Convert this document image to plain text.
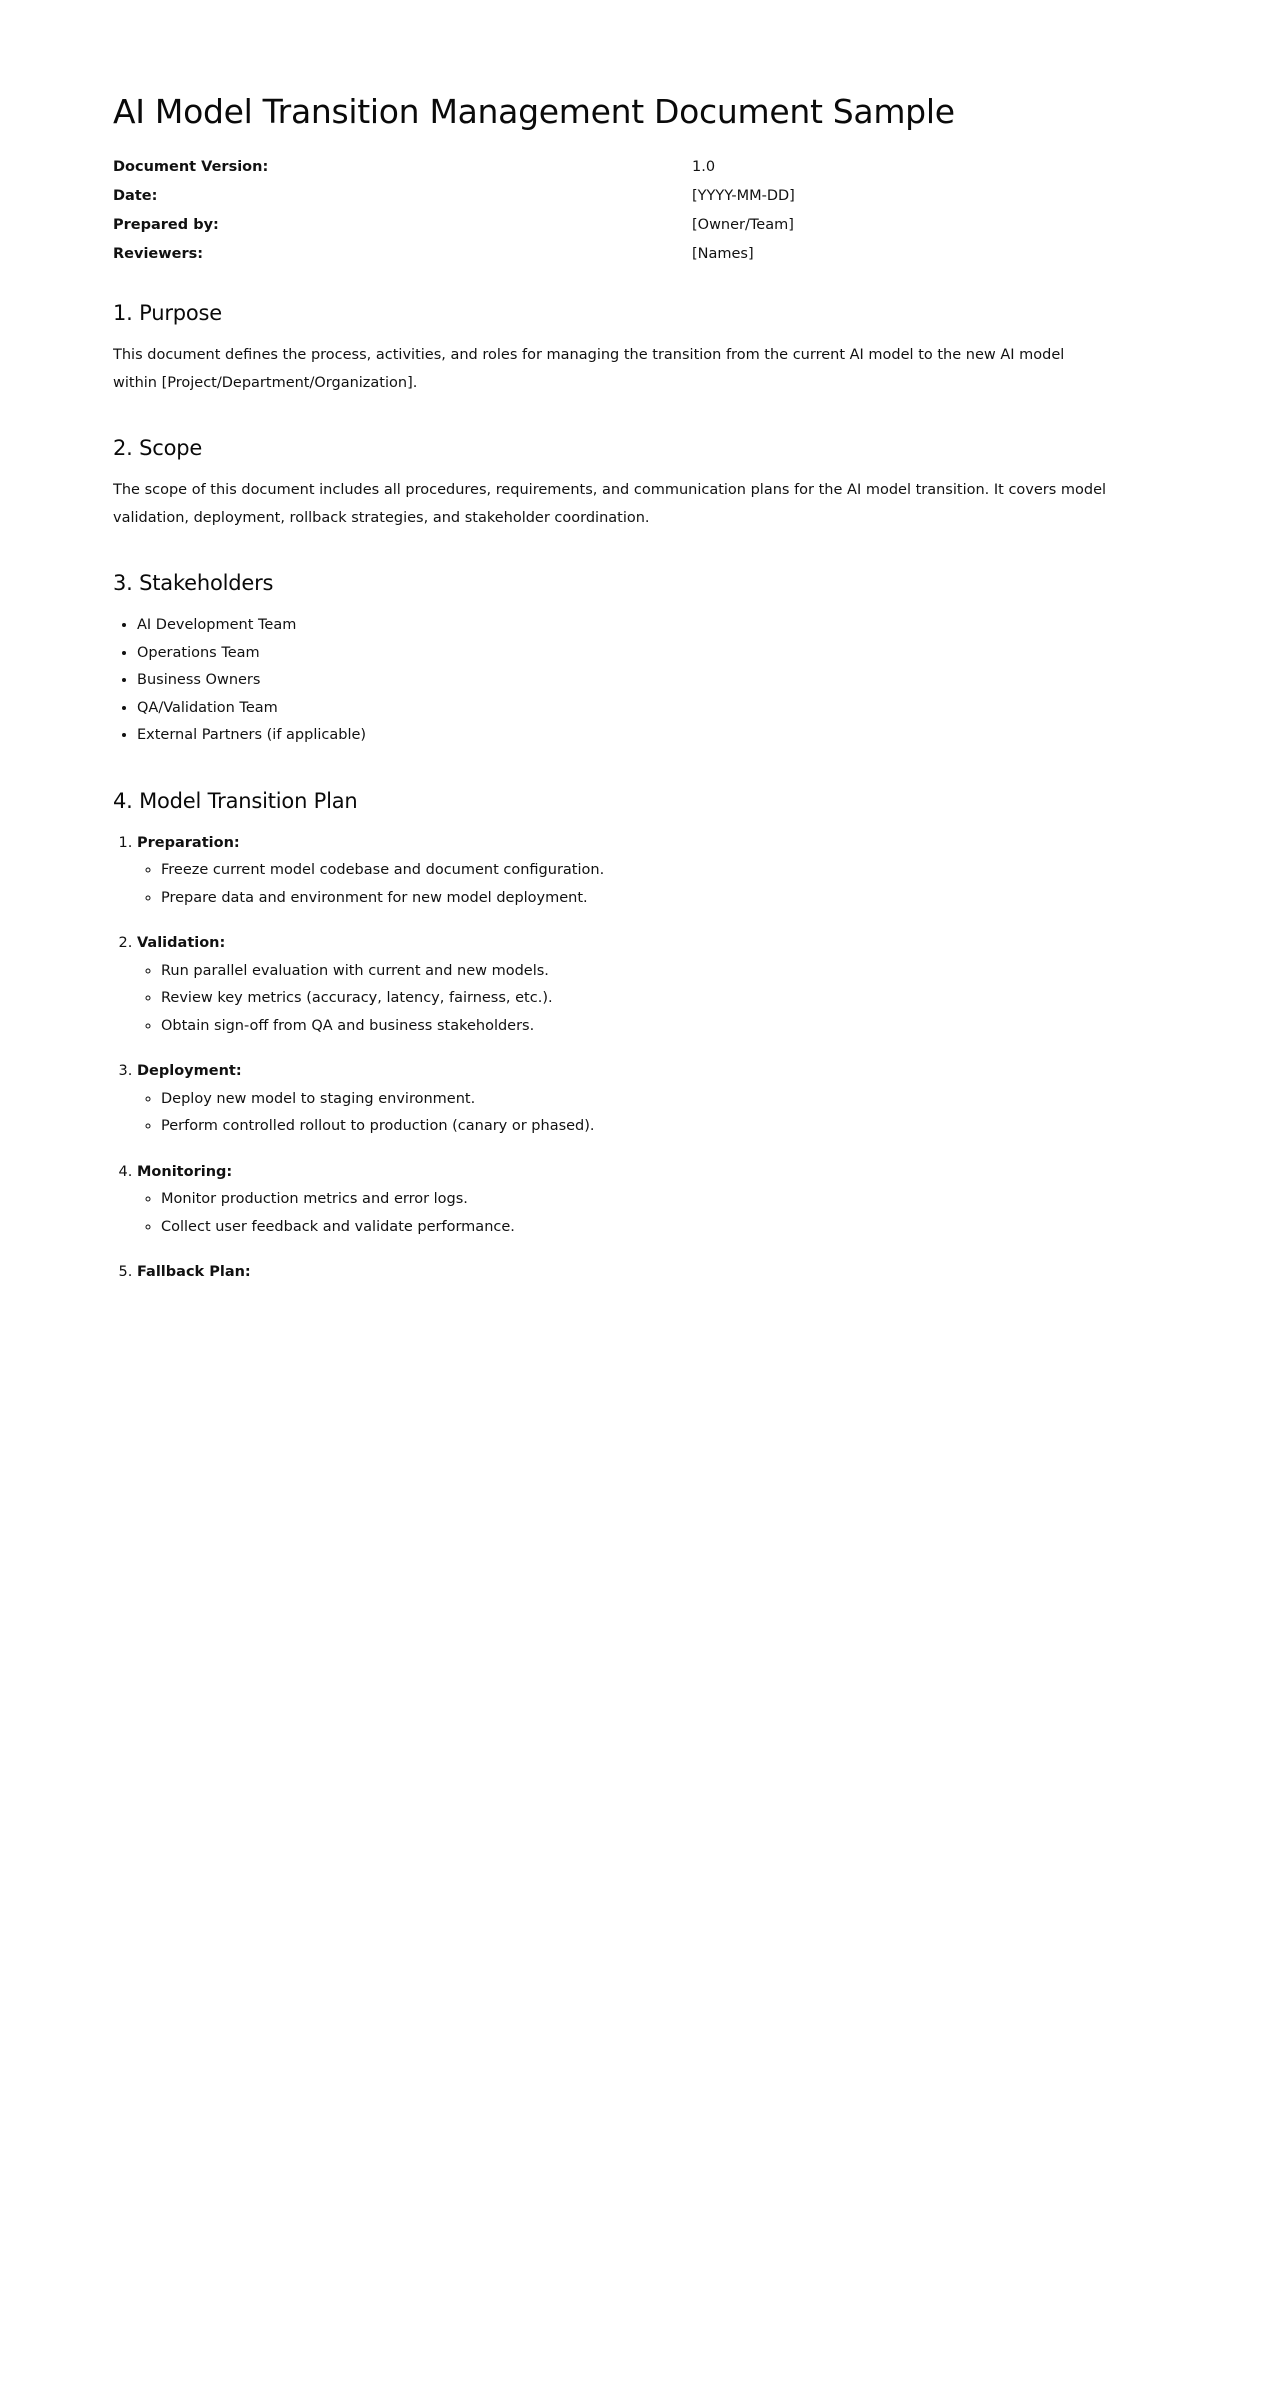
AI Model Transition Management Document Sample
Document Version:	1.0
Date:	[YYYY-MM-DD]
Prepared by:	[Owner/Team]
Reviewers:	[Names]
1. Purpose

This document defines the process, activities, and roles for managing the transition from the current AI model to the new AI model within [Project/Department/Organization].

2. Scope

The scope of this document includes all procedures, requirements, and communication plans for the AI model transition. It covers model validation, deployment, rollback strategies, and stakeholder coordination.

3. Stakeholders
• AI Development Team
• Operations Team
• Business Owners
• QA/Validation Team
• External Partners (if applicable)
4. Model Transition Plan
1. Preparation:
◦ Freeze current model codebase and document configuration.
◦ Prepare data and environment for new model deployment.
2. Validation:
◦ Run parallel evaluation with current and new models.
◦ Review key metrics (accuracy, latency, fairness, etc.).
◦ Obtain sign-off from QA and business stakeholders.
3. Deployment:
◦ Deploy new model to staging environment.
◦ Perform controlled rollout to production (canary or phased).
4. Monitoring:
◦ Monitor production metrics and error logs.
◦ Collect user feedback and validate performance.
5. Fallback Plan:
